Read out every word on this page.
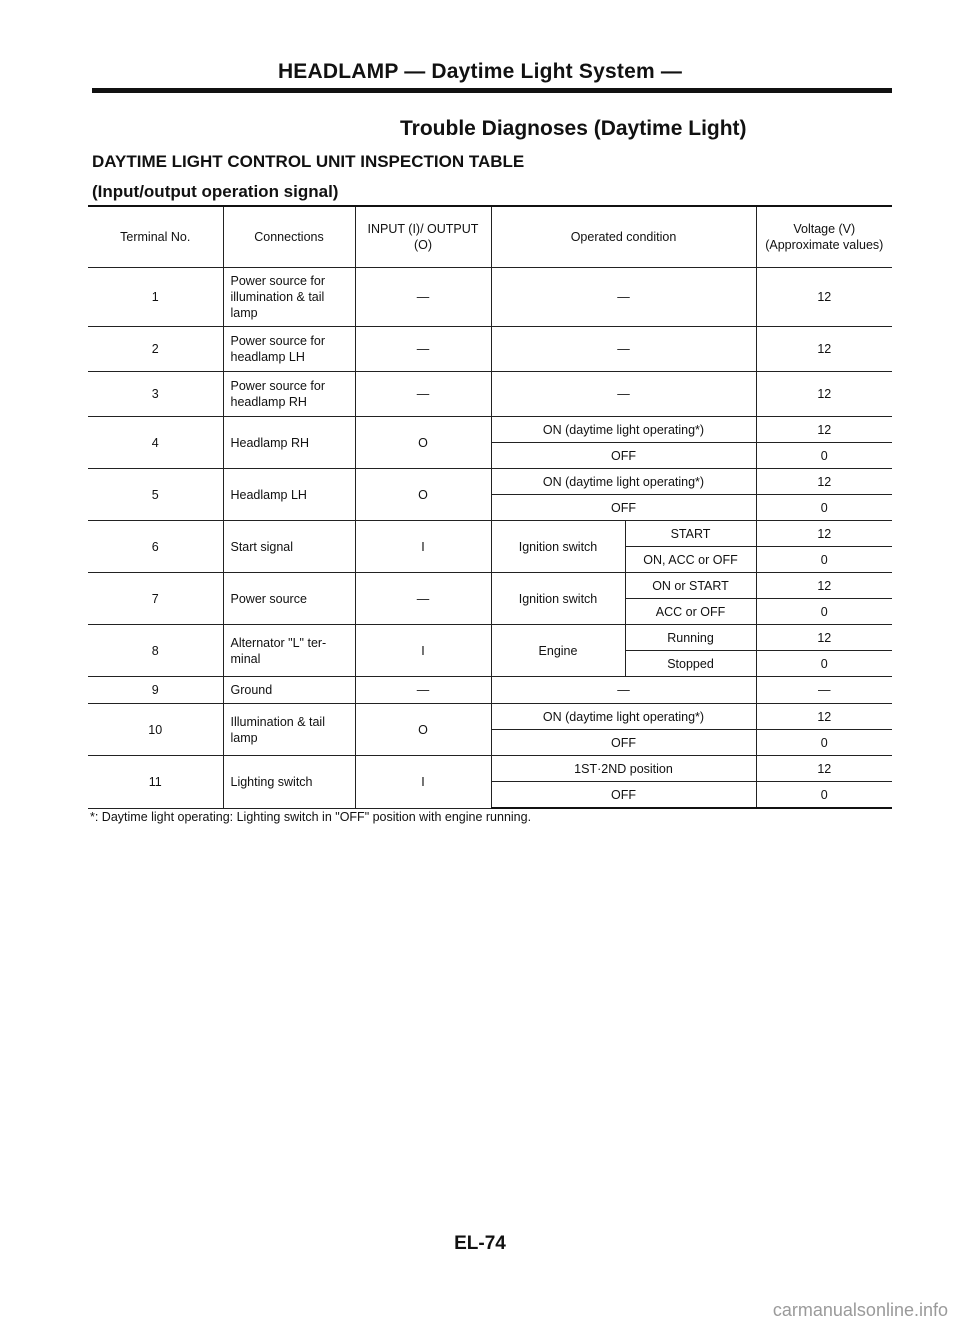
HEADLAMP — Daytime Light System —
Trouble Diagnoses (Daytime Light)
DAYTIME LIGHT CONTROL UNIT INSPECTION TABLE
(Input/output operation signal)
Terminal No.	Connections	INPUT (I)/ OUTPUT (O)	Operated condition		Voltage (V) (Approximate values)
1	Power source for illumination & tail lamp	—	—		12
2	Power source for headlamp LH	—	—		12
3	Power source for headlamp RH	—	—		12
4	Headlamp RH	O	ON (daytime light operating*)		12
			OFF		0
5	Headlamp LH	O	ON (daytime light operating*)		12
			OFF		0
6	Start signal	I	Ignition switch	START	12
				ON, ACC or OFF	0
7	Power source	—	Ignition switch	ON or START	12
				ACC or OFF	0
8	Alternator "L" ter- minal	I	Engine	Running	12
				Stopped	0
9	Ground	—	—		—
10	Illumination & tail lamp	O	ON (daytime light operating*)		12
			OFF		0
11	Lighting switch	I	1ST·2ND position		12
			OFF		0
*: Daytime light operating: Lighting switch in "OFF" position with engine running.
EL-74
carmanualsonline.info
